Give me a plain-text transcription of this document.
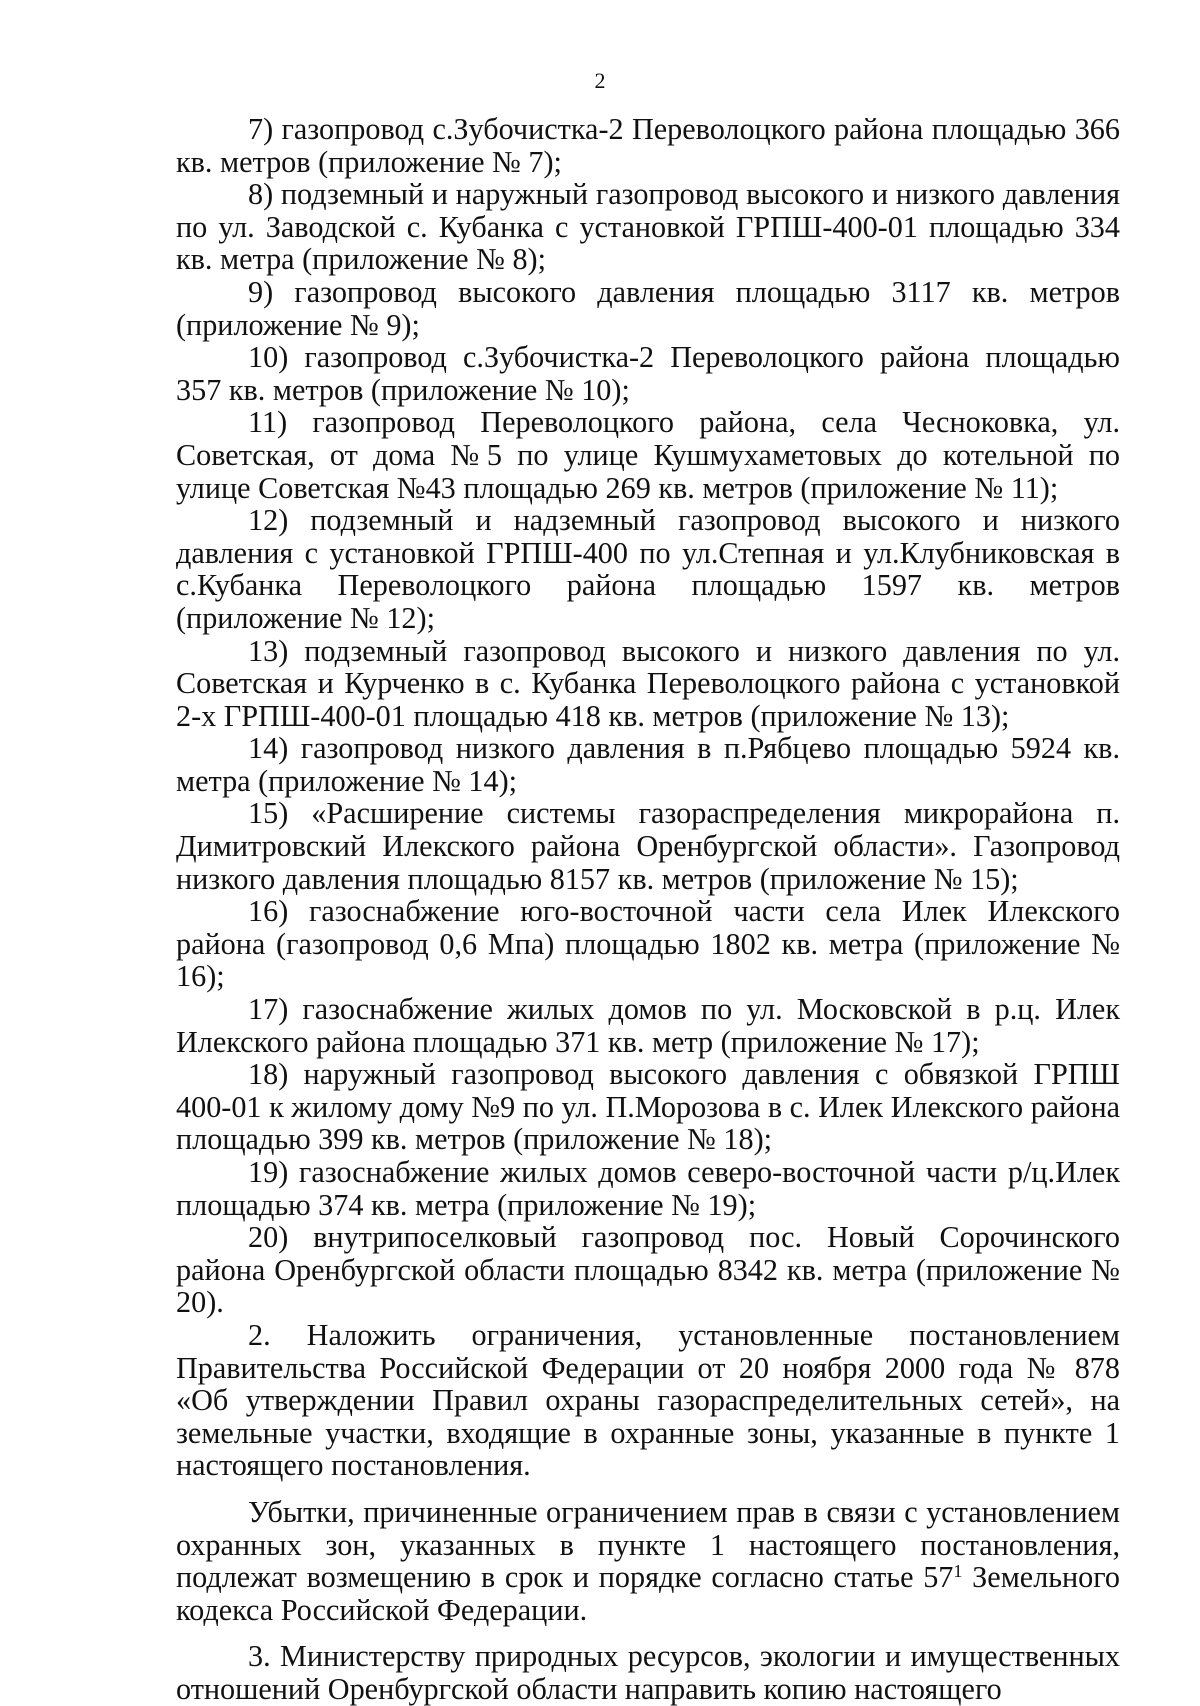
2

7) газопровод с.Зубочистка-2 Переволоцкого района площадью 366 кв. метров (приложение № 7);

8) подземный и наружный газопровод высокого и низкого давления по ул. Заводской с. Кубанка с установкой ГРПШ-400-01 площадью 334 кв. метра (приложение № 8);

9) газопровод высокого давления площадью 3117 кв. метров (приложение № 9);

10) газопровод с.Зубочистка-2 Переволоцкого района площадью 357 кв. метров (приложение № 10);

11) газопровод Переволоцкого района, села Чесноковка, ул. Советская, от дома №5 по улице Кушмухаметовых до котельной по улице Советская №43 площадью 269 кв. метров (приложение № 11);

12) подземный и надземный газопровод высокого и низкого давления с установкой ГРПШ-400 по ул.Степная и ул.Клубниковская в с.Кубанка Переволоцкого района площадью 1597 кв. метров (приложение № 12);

13) подземный газопровод высокого и низкого давления по ул. Советская и Курченко в с. Кубанка Переволоцкого района с установкой 2-х ГРПШ-400-01 площадью 418 кв. метров (приложение № 13);

14) газопровод низкого давления в п.Рябцево площадью 5924 кв. метра (приложение № 14);

15) «Расширение системы газораспределения микрорайона п. Димитровский Илекского района Оренбургской области». Газопровод низкого давления площадью 8157 кв. метров (приложение № 15);

16) газоснабжение юго-восточной части села Илек Илекского района (газопровод 0,6 Мпа) площадью 1802 кв. метра (приложение № 16);

17) газоснабжение жилых домов по ул. Московской в р.ц. Илек Илекского района площадью 371 кв. метр (приложение № 17);

18) наружный газопровод высокого давления с обвязкой ГРПШ 400-01 к жилому дому №9 по ул. П.Морозова в с. Илек Илекского района площадью 399 кв. метров (приложение № 18);

19) газоснабжение жилых домов северо-восточной части р/ц.Илек площадью 374 кв. метра (приложение № 19);

20) внутрипоселковый газопровод пос. Новый Сорочинского района Оренбургской области площадью 8342 кв. метра (приложение № 20).

2. Наложить ограничения, установленные постановлением Правительства Российской Федерации от 20 ноября 2000 года № 878 «Об утверждении Правил охраны газораспределительных сетей», на земельные участки, входящие в охранные зоны, указанные в пункте 1 настоящего постановления.

Убытки, причиненные ограничением прав в связи с установлением охранных зон, указанных в пункте 1 настоящего постановления, подлежат возмещению в срок и порядке согласно статье $57^1$ Земельного кодекса Российской Федерации.

3. Министерству природных ресурсов, экологии и имущественных отношений Оренбургской области направить копию настоящего
